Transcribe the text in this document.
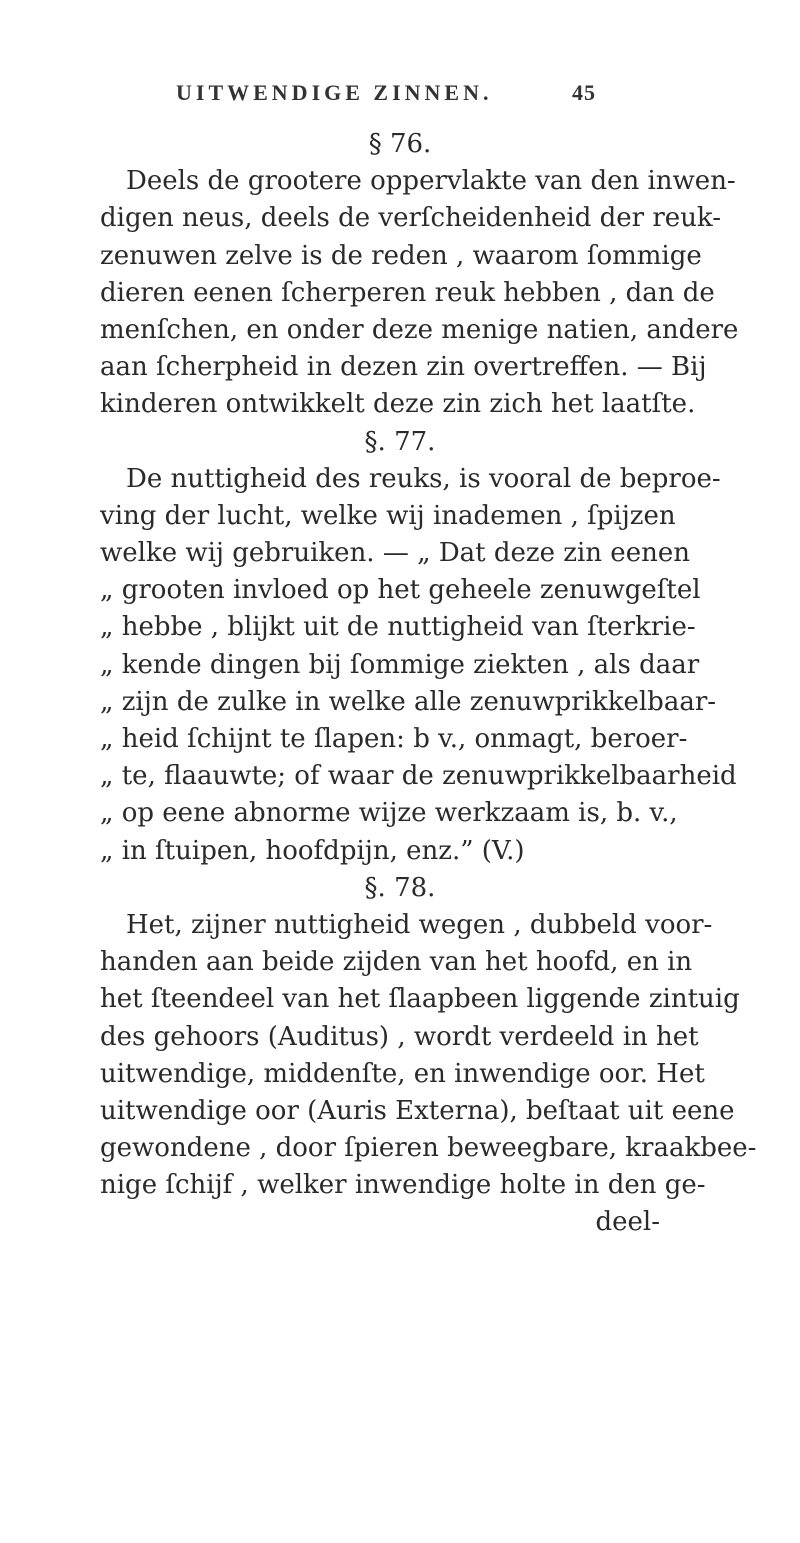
UITWENDIGE ZINNEN.	45
§ 76.
Deels de grootere oppervlakte van den inwen-
digen neus, deels de verſcheidenheid der reuk-
zenuwen zelve is de reden , waarom ſommige
dieren eenen ſcherperen reuk hebben , dan de
menſchen, en onder deze menige natien, andere
aan ſcherpheid in dezen zin overtreffen. — Bij
kinderen ontwikkelt deze zin zich het laatſte.
§. 77.
De nuttigheid des reuks, is vooral de beproe-
ving der lucht, welke wij inademen , ſpijzen
welke wij gebruiken. — „ Dat deze zin eenen
„ grooten invloed op het geheele zenuwgeſtel
„ hebbe , blijkt uit de nuttigheid van ſterkrie-
„ kende dingen bij ſommige ziekten , als daar
„ zijn de zulke in welke alle zenuwprikkelbaar-
„ heid ſchijnt te ſlapen: b v., onmagt, beroer-
„ te, flaauwte; of waar de zenuwprikkelbaarheid
„ op eene abnorme wijze werkzaam is, b. v.,
„ in ſtuipen, hoofdpijn, enz.” (V.)
§. 78.
Het, zijner nuttigheid wegen , dubbeld voor-
handen aan beide zijden van het hoofd, en in
het ſteendeel van het ſlaapbeen liggende zintuig
des gehoors (Auditus) , wordt verdeeld in het
uitwendige, middenſte, en inwendige oor. Het
uitwendige oor (Auris Externa), beſtaat uit eene
gewondene , door ſpieren beweegbare, kraakbee-
nige ſchijf , welker inwendige holte in den ge-
deel-
